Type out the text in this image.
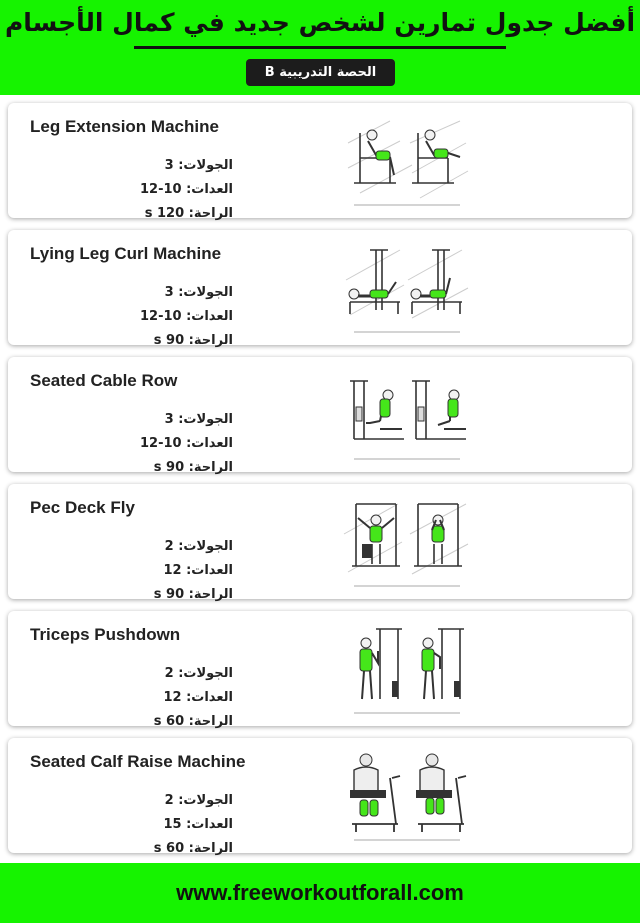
أفضل جدول تمارين لشخص جديد في كمال الأجسام
الحصة التدريبية B
Leg Extension Machine
الجولات: 3
العدات: 10-12
الراحة: 120 s
Lying Leg Curl Machine
الجولات: 3
العدات: 10-12
الراحة: 90 s
Seated Cable Row
الجولات: 3
العدات: 10-12
الراحة: 90 s
Pec Deck Fly
الجولات: 2
العدات: 12
الراحة: 90 s
Triceps Pushdown
الجولات: 2
العدات: 12
الراحة: 60 s
Seated Calf Raise Machine
الجولات: 2
العدات: 15
الراحة: 60 s
www.freeworkoutforall.com
